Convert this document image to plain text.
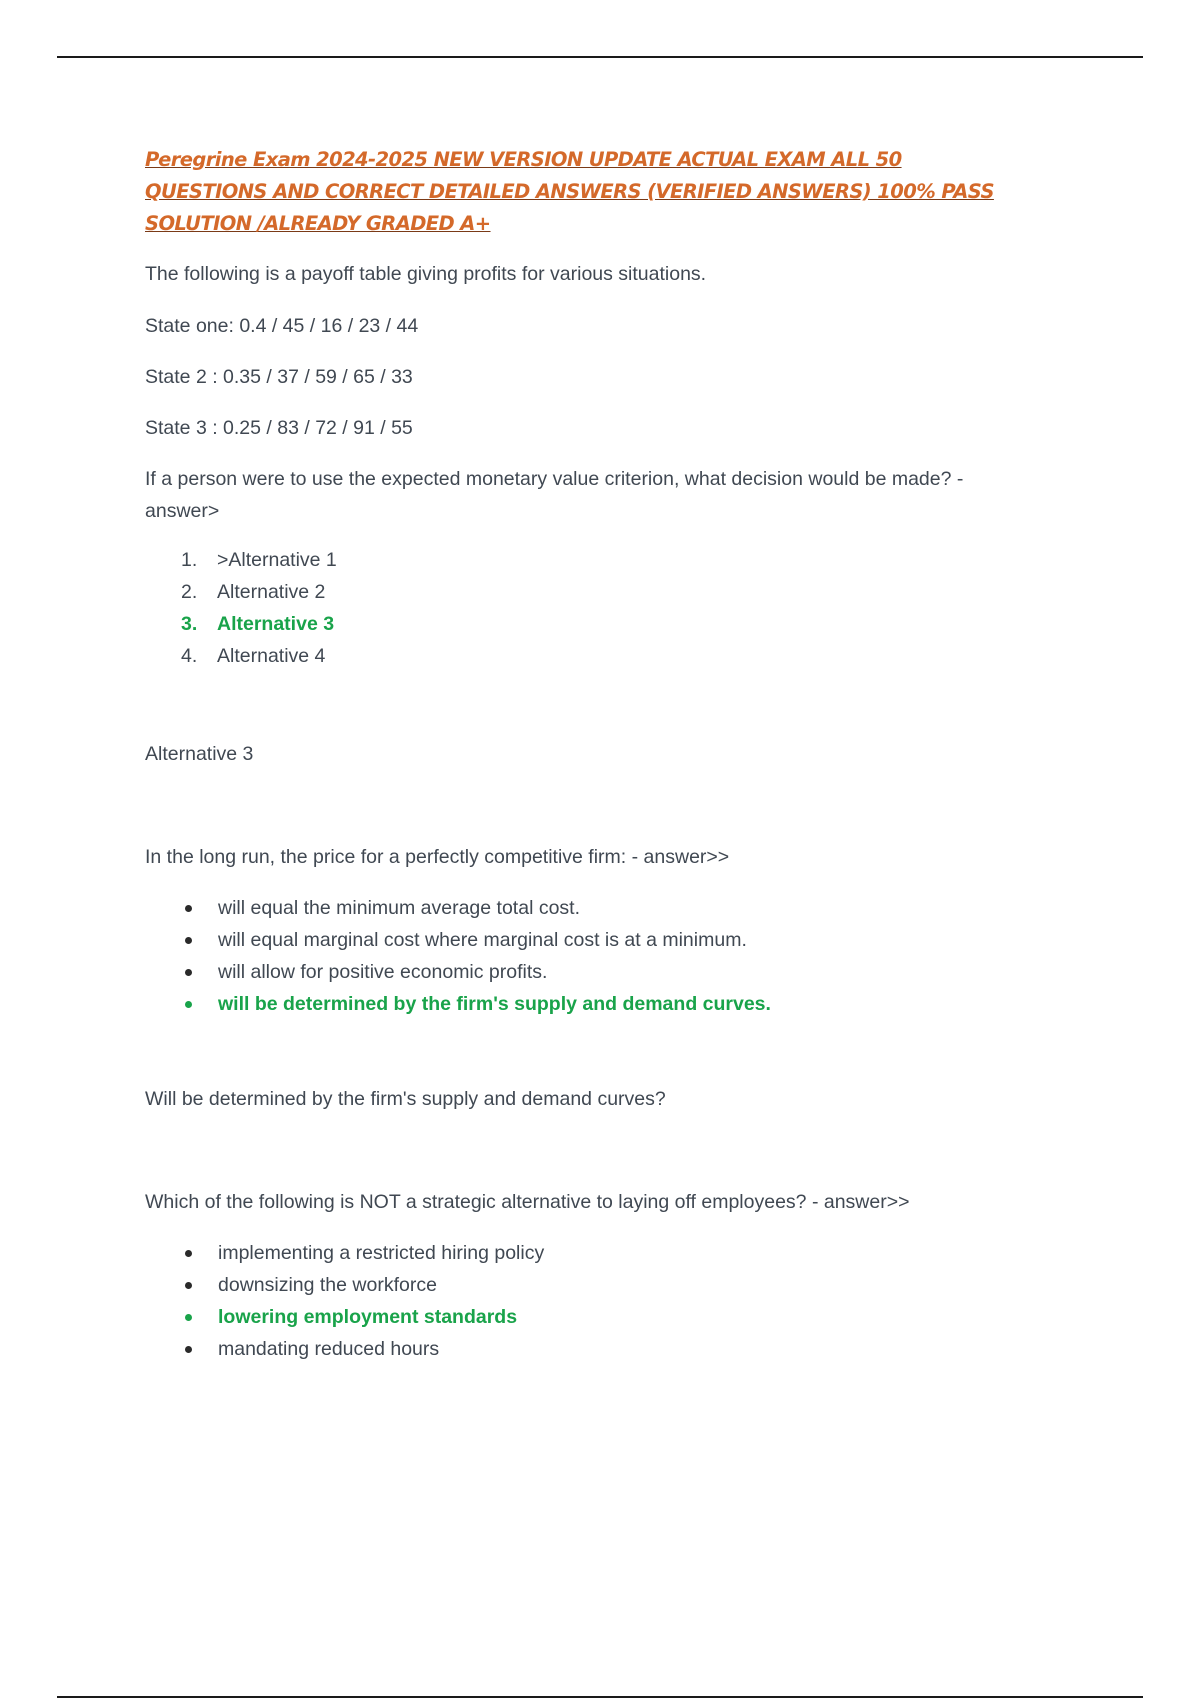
Peregrine Exam 2024-2025 NEW VERSION UPDATE ACTUAL EXAM ALL 50 QUESTIONS AND CORRECT DETAILED ANSWERS (VERIFIED ANSWERS) 100% PASS SOLUTION /ALREADY GRADED A+

The following is a payoff table giving profits for various situations.

State one: 0.4 / 45 / 16 / 23 / 44

State 2 : 0.35 / 37 / 59 / 65 / 33

State 3 : 0.25 / 83 / 72 / 91 / 55

If a person were to use the expected monetary value criterion, what decision would be made? - answer>

1.	>Alternative 1
2.	Alternative 2
3.	Alternative 3
4.	Alternative 4

Alternative 3

In the long run, the price for a perfectly competitive firm: - answer>>

will equal the minimum average total cost.
will equal marginal cost where marginal cost is at a minimum.
will allow for positive economic profits.
will be determined by the firm's supply and demand curves.

Will be determined by the firm's supply and demand curves?

Which of the following is NOT a strategic alternative to laying off employees? - answer>>

implementing a restricted hiring policy
downsizing the workforce
lowering employment standards
mandating reduced hours
